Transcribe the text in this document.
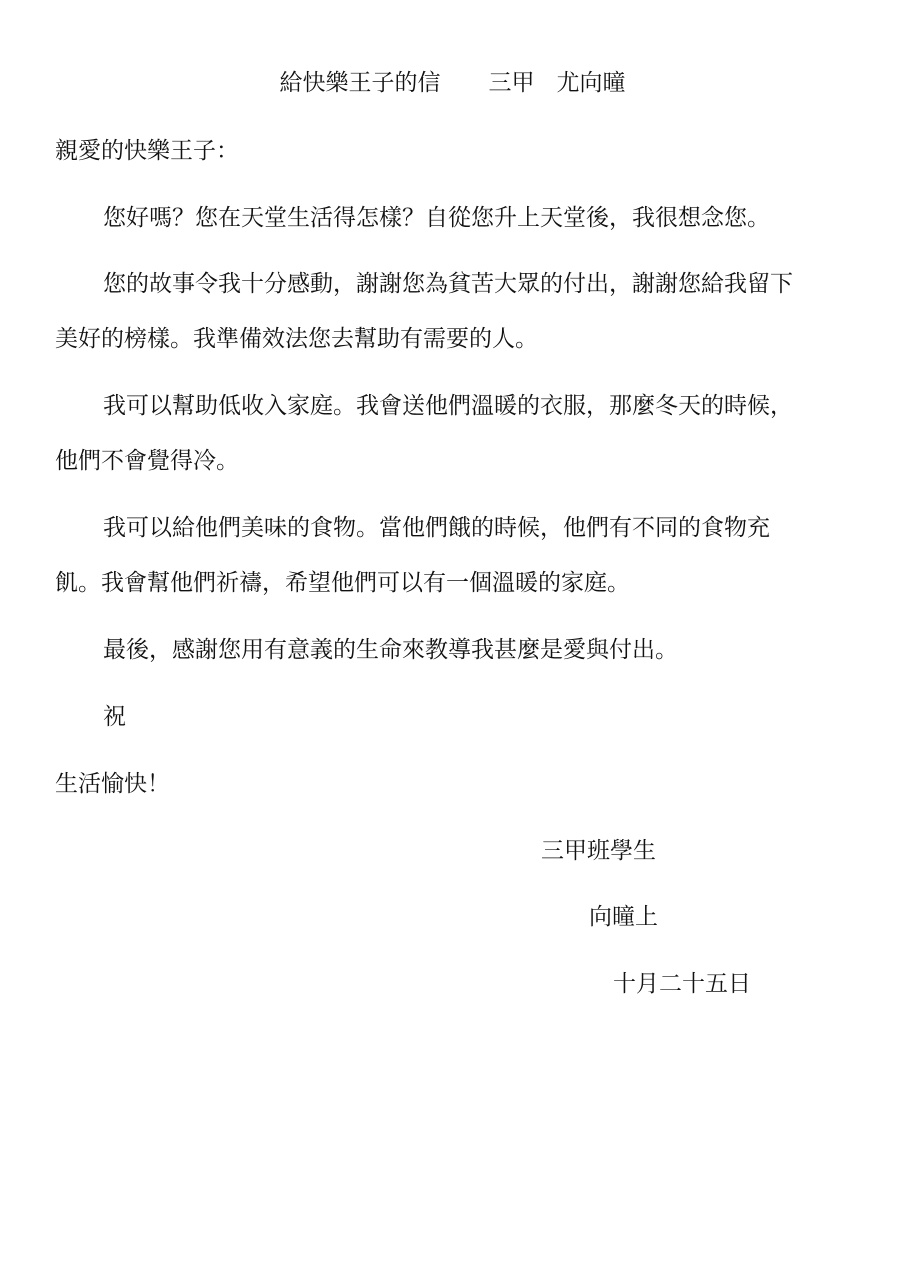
給快樂王子的信 三甲 尤向曈
親愛的快樂王子：
您好嗎？您在天堂生活得怎樣？自從您升上天堂後，我很想念您。
您的故事令我十分感動，謝謝您為貧苦大眾的付出，謝謝您給我留下
美好的榜樣。我準備效法您去幫助有需要的人。
我可以幫助低收入家庭。我會送他們溫暖的衣服，那麼冬天的時候，
他們不會覺得冷。
我可以給他們美味的食物。當他們餓的時候，他們有不同的食物充
飢。我會幫他們祈禱，希望他們可以有一個溫暖的家庭。
最後，感謝您用有意義的生命來教導我甚麼是愛與付出。
祝
生活愉快！
三甲班學生
向曈上
十月二十五日
